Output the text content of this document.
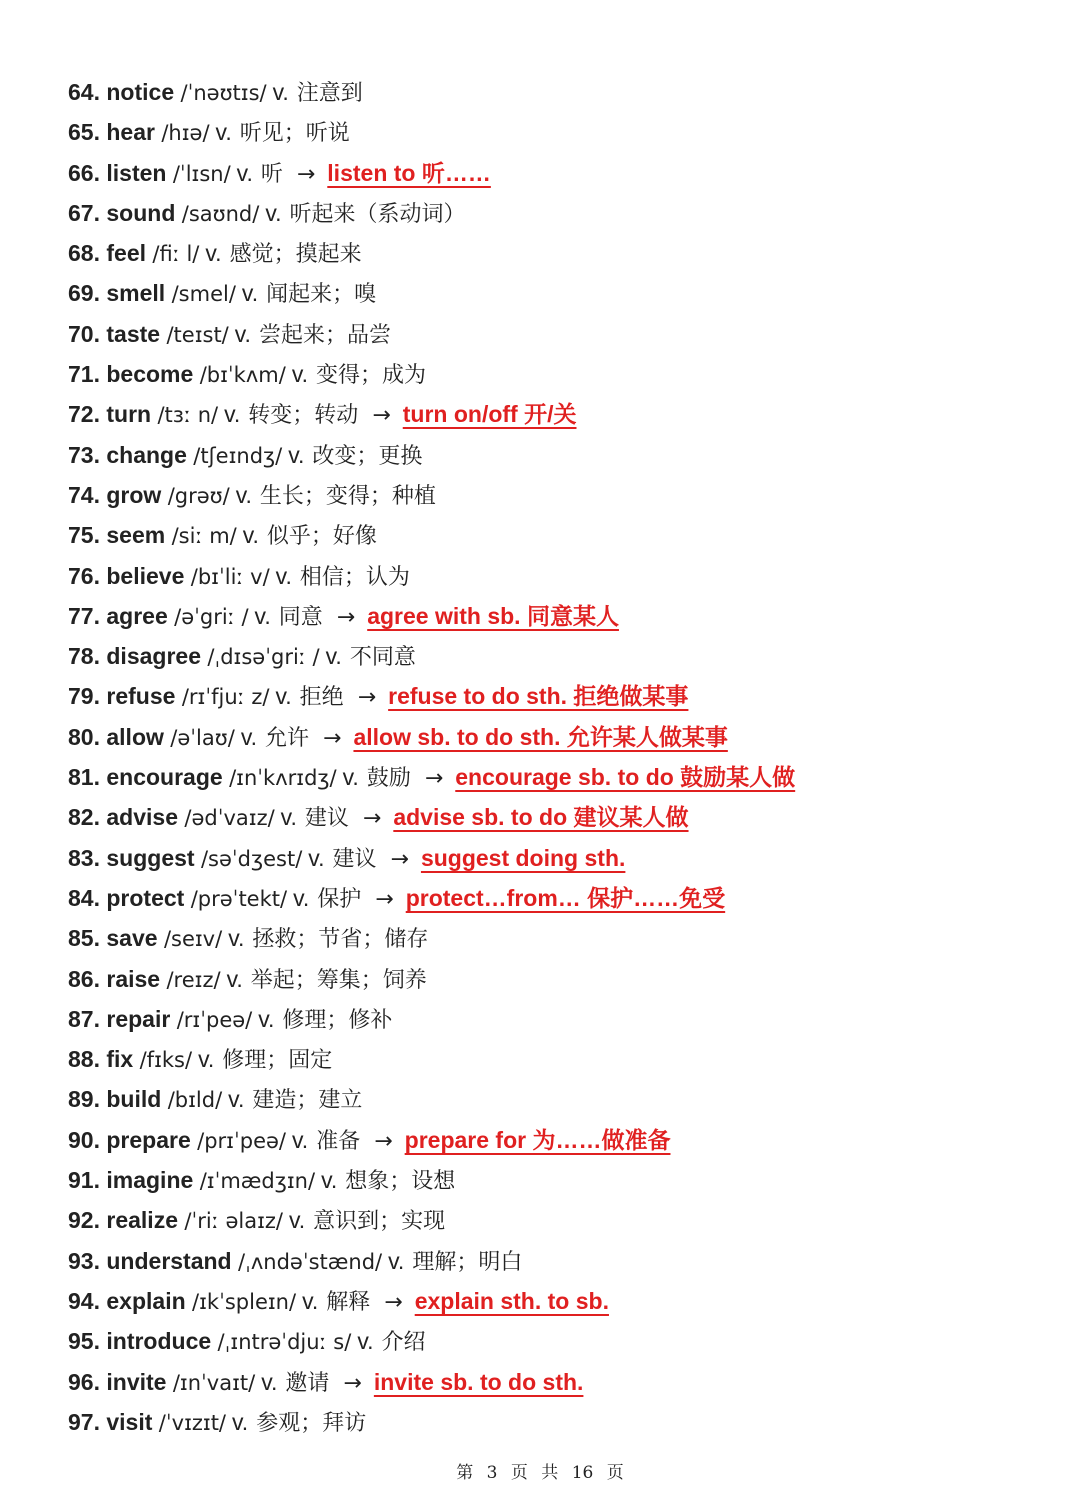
64. notice /ˈnəʊtɪs/ v. 注意到
65. hear /hɪə/ v. 听见；听说
66. listen /ˈlɪsn/ v. 听 → listen to 听……
67. sound /saʊnd/ v. 听起来（系动词）
68. feel /fiː l/ v. 感觉；摸起来
69. smell /smel/ v. 闻起来；嗅
70. taste /teɪst/ v. 尝起来；品尝
71. become /bɪˈkʌm/ v. 变得；成为
72. turn /tɜː n/ v. 转变；转动 → turn on/off 开/关
73. change /tʃeɪndʒ/ v. 改变；更换
74. grow /grəʊ/ v. 生长；变得；种植
75. seem /siː m/ v. 似乎；好像
76. believe /bɪˈliː v/ v. 相信；认为
77. agree /əˈgriː / v. 同意 → agree with sb. 同意某人
78. disagree /ˌdɪsəˈgriː / v. 不同意
79. refuse /rɪˈfjuː z/ v. 拒绝 → refuse to do sth. 拒绝做某事
80. allow /əˈlaʊ/ v. 允许 → allow sb. to do sth. 允许某人做某事
81. encourage /ɪnˈkʌrɪdʒ/ v. 鼓励 → encourage sb. to do 鼓励某人做
82. advise /ədˈvaɪz/ v. 建议 → advise sb. to do 建议某人做
83. suggest /səˈdʒest/ v. 建议 → suggest doing sth.
84. protect /prəˈtekt/ v. 保护 → protect…from… 保护……免受
85. save /seɪv/ v. 拯救；节省；储存
86. raise /reɪz/ v. 举起；筹集；饲养
87. repair /rɪˈpeə/ v. 修理；修补
88. fix /fɪks/ v. 修理；固定
89. build /bɪld/ v. 建造；建立
90. prepare /prɪˈpeə/ v. 准备 → prepare for 为……做准备
91. imagine /ɪˈmædʒɪn/ v. 想象；设想
92. realize /ˈriː əlaɪz/ v. 意识到；实现
93. understand /ˌʌndəˈstænd/ v. 理解；明白
94. explain /ɪkˈspleɪn/ v. 解释 → explain sth. to sb.
95. introduce /ˌɪntrəˈdjuː s/ v. 介绍
96. invite /ɪnˈvaɪt/ v. 邀请 → invite sb. to do sth.
97. visit /ˈvɪzɪt/ v. 参观；拜访
第 3 页 共 16 页
